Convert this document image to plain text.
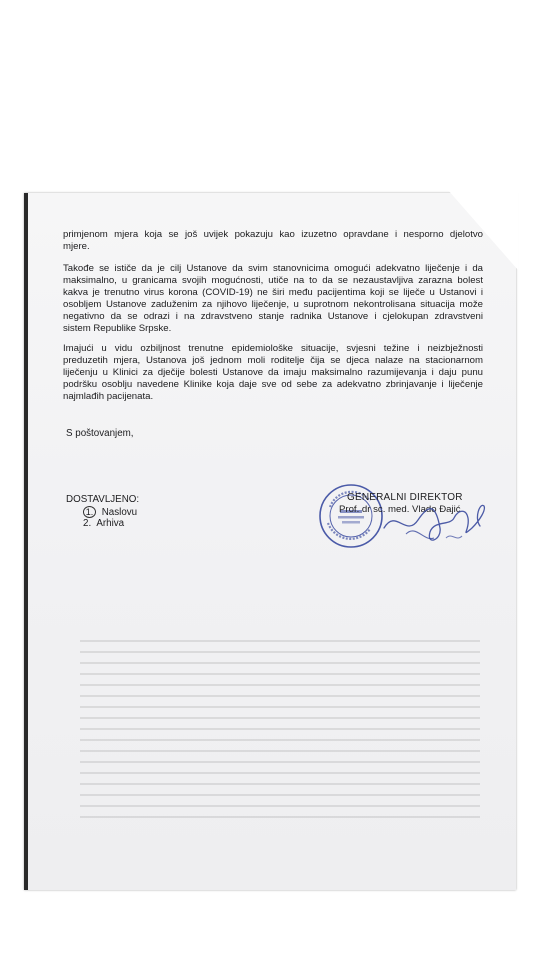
primjenom mjera koja se još uvijek pokazuju kao izuzetno opravdane i nesporno djelotvo
mjere.
Takođe se ističe da je cilj Ustanove da svim stanovnicima omogući adekvatno liječenje i da
maksimalno, u granicama svojih mogućnosti, utiče na to da se nezaustavljiva zarazna bolest
kakva je trenutno virus korona (COVID-19) ne širi među pacijentima koji se liječe u Ustanovi i
osobljem Ustanove zaduženim za njihovo liječenje, u suprotnom nekontrolisana situacija može
negativno da se odrazi i na zdravstveno stanje radnika Ustanove i cjelokupan zdravstveni
sistem Republike Srpske.
Imajući u vidu ozbiljnost trenutne epidemiološke situacije, svjesni težine i neizbježnosti
preduzetih mjera, Ustanova još jednom moli roditelje čija se djeca nalaze na stacionarnom
liječenju u Klinici za dječije bolesti Ustanove da imaju maksimalno razumijevanja i daju punu
podršku osoblju navedene Klinike koja daje sve od sebe za adekvatno zbrinjavanje i liječenje
najmlađih pacijenata.
S poštovanjem,
DOSTAVLJENO:
1. Naslovu
2. Arhiva
GENERALNI DIREKTOR
Prof. dr sc. med. Vlado Đajić
